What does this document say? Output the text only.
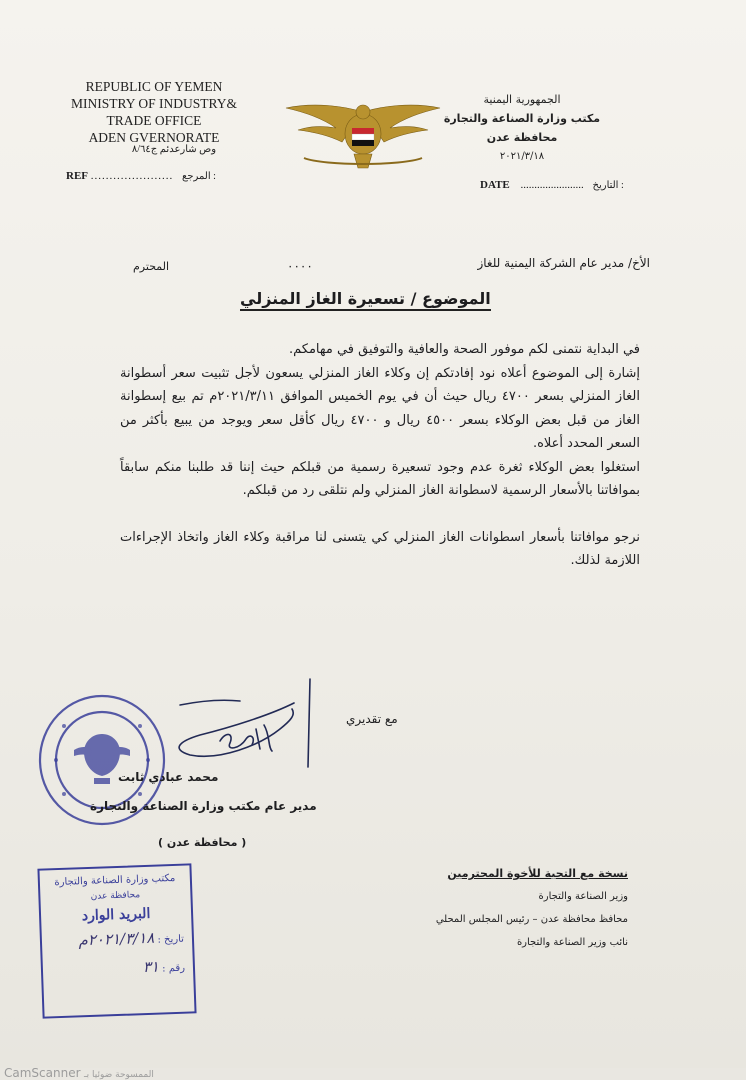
REPUBLIC OF YEMEN
MINISTRY OF INDUSTRY&
TRADE OFFICE
ADEN GVERNORATE
وص شارعدئم ج٨/٦٤
REF ...................... المرجع :
الجمهورية اليمنية
مكتب وزارة الصناعة والتجارة
محافظة عدن
٢٠٢١/٣/١٨
DATE ....................... التاريخ :
الأخ/ مدير عام الشركة اليمنية للغاز
٠٠٠٠
المحترم
الموضوع / تسعيرة الغاز المنزلي

في البداية نتمنى لكم موفور الصحة والعافية والتوفيق في مهامكم.

إشارة إلى الموضوع أعلاه نود إفادتكم إن وكلاء الغاز المنزلي يسعون لأجل تثبيت سعر أسطوانة الغاز المنزلي بسعر ٤٧٠٠ ريال حيث أن في يوم الخميس الموافق ٢٠٢١/٣/١١م تم بيع إسطوانة الغاز من قبل بعض الوكلاء بسعر ٤٥٠٠ ريال و ٤٧٠٠ ريال كأقل سعر ويوجد من يبيع بأكثر من السعر المحدد أعلاه.

استغلوا بعض الوكلاء ثغرة عدم وجود تسعيرة رسمية من قبلكم حيث إننا قد طلبنا منكم سابقاً بموافاتنا بالأسعار الرسمية لاسطوانة الغاز المنزلي ولم نتلقى رد من قبلكم.

نرجو موافاتنا بأسعار اسطوانات الغاز المنزلي كي يتسنى لنا مراقبة وكلاء الغاز واتخاذ الإجراءات اللازمة لذلك.

مع تقديري
محمد عبادي ثابت
مدير عام مكتب وزارة الصناعة والتجارة
( محافظة عدن )
نسخة مع التحية للأخوة المحترمين
وزير الصناعة والتجارة
محافظ محافظة عدن – رئيس المجلس المحلي
نائب وزير الصناعة والتجارة
مكتب وزارة الصناعة والتجارة
محافظة عدن
البريد الوارد
تاريخ : ٢٠٢١/٣/١٨م
رقم : ٣١
CamScanner الممسوحة ضوئيا بـ
